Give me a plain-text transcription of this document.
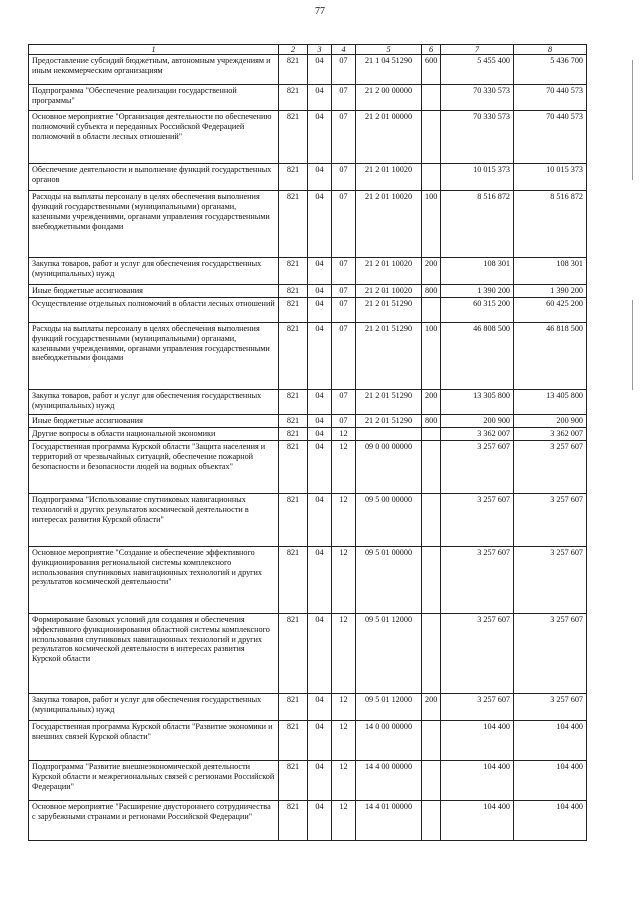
77
1	2	3	4	5	6	7	8
Предоставление субсидий бюджетным, автономным учреждениям и иным некоммерческим организациям	821	04	07	21 1 04 51290	600	5 455 400	5 436 700
Подпрограмма "Обеспечение реализации государственной программы"	821	04	07	21 2 00 00000		70 330 573	70 440 573
Основное мероприятие "Организация деятельности по обеспечению полномочий субъекта и переданных Российской Федерацией полномочий в области лесных отношений"	821	04	07	21 2 01 00000		70 330 573	70 440 573
Обеспечение деятельности и выполнение функций государственных органов	821	04	07	21 2 01 10020		10 015 373	10 015 373
Расходы на выплаты персоналу в целях обеспечения выполнения функций государственными (муниципальными) органами, казенными учреждениями, органами управления государственными внебюджетными фондами	821	04	07	21 2 01 10020	100	8 516 872	8 516 872
Закупка товаров, работ и услуг для обеспечения государственных (муниципальных) нужд	821	04	07	21 2 01 10020	200	108 301	108 301
Иные бюджетные ассигнования	821	04	07	21 2 01 10020	800	1 390 200	1 390 200
Осуществление отдельных полномочий в области лесных отношений	821	04	07	21 2 01 51290		60 315 200	60 425 200
Расходы на выплаты персоналу в целях обеспечения выполнения функций государственными (муниципальными) органами, казенными учреждениями, органами управления государственными внебюджетными фондами	821	04	07	21 2 01 51290	100	46 808 500	46 818 500
Закупка товаров, работ и услуг для обеспечения государственных (муниципальных) нужд	821	04	07	21 2 01 51290	200	13 305 800	13 405 800
Иные бюджетные ассигнования	821	04	07	21 2 01 51290	800	200 900	200 900
Другие вопросы в области национальной экономики	821	04	12			3 362 007	3 362 007
Государственная программа Курской области "Защита населения и территорий от чрезвычайных ситуаций, обеспечение пожарной безопасности и безопасности людей на водных объектах"	821	04	12	09 0 00 00000		3 257 607	3 257 607
Подпрограмма "Использование спутниковых навигационных технологий и других результатов космической деятельности в интересах развития Курской области"	821	04	12	09 5 00 00000		3 257 607	3 257 607
Основное мероприятие "Создание и обеспечение эффективного функционирования региональной системы комплексного использования спутниковых навигационных технологий и других результатов космической деятельности"	821	04	12	09 5 01 00000		3 257 607	3 257 607
Формирование базовых условий для создания и обеспечения эффективного функционирования областной системы комплексного использования спутниковых навигационных технологий и других результатов космической деятельности в интересах развития Курской области	821	04	12	09 5 01 12000		3 257 607	3 257 607
Закупка товаров, работ и услуг для обеспечения государственных (муниципальных) нужд	821	04	12	09 5 01 12000	200	3 257 607	3 257 607
Государственная программа Курской области "Развитие экономики и внешних связей Курской области"	821	04	12	14 0 00 00000		104 400	104 400
Подпрограмма "Развитие внешнеэкономической деятельности Курской области и межрегиональных связей с регионами Российской Федерации"	821	04	12	14 4 00 00000		104 400	104 400
Основное мероприятие "Расширение двустороннего сотрудничества с зарубежными странами и регионами Российской Федерации"	821	04	12	14 4 01 00000		104 400	104 400
